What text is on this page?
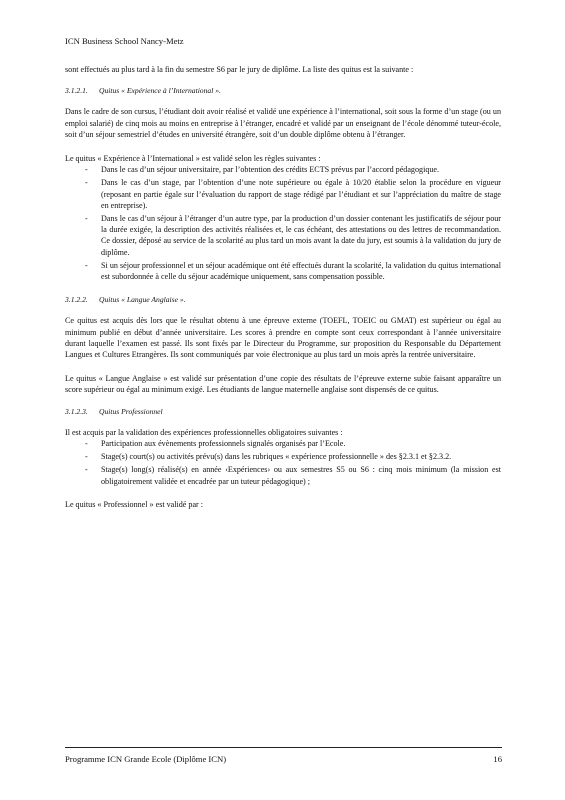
ICN Business School Nancy-Metz

sont effectués au plus tard à la fin du semestre S6 par le jury de diplôme. La liste des quitus est la suivante :

3.1.2.1. Quitus « Expérience à l’International ».

Dans le cadre de son cursus, l’étudiant doit avoir réalisé et validé une expérience à l’international, soit sous la forme d’un stage (ou un emploi salarié) de cinq mois au moins en entreprise à l’étranger, encadré et validé par un enseignant de l’école dénommé tuteur-école, soit d’un séjour semestriel d’études en université étrangère, soit d’un double diplôme obtenu à l’étranger.

Le quitus « Expérience à l’International » est validé selon les règles suivantes :

- Dans le cas d’un séjour universitaire, par l’obtention des crédits ECTS prévus par l’accord pédagogique.
- Dans le cas d’un stage, par l’obtention d’une note supérieure ou égale à 10/20 établie selon la procédure en vigueur (reposant en partie égale sur l’évaluation du rapport de stage rédigé par l’étudiant et sur l’appréciation du maître de stage en entreprise).
- Dans le cas d’un séjour à l’étranger d’un autre type, par la production d’un dossier contenant les justificatifs de séjour pour la durée exigée, la description des activités réalisées et, le cas échéant, des attestations ou des lettres de recommandation. Ce dossier, déposé au service de la scolarité au plus tard un mois avant la date du jury, est soumis à la validation du jury de diplôme.
- Si un séjour professionnel et un séjour académique ont été effectués durant la scolarité, la validation du quitus international est subordonnée à celle du séjour académique uniquement, sans compensation possible.
3.1.2.2. Quitus « Langue Anglaise ».

Ce quitus est acquis dès lors que le résultat obtenu à une épreuve externe (TOEFL, TOEIC ou GMAT) est supérieur ou égal au minimum publié en début d’année universitaire. Les scores à prendre en compte sont ceux correspondant à l’année universitaire durant laquelle l’examen est passé. Ils sont fixés par le Directeur du Programme, sur proposition du Responsable du Département Langues et Cultures Etrangères. Ils sont communiqués par voie électronique au plus tard un mois après la rentrée universitaire.

Le quitus « Langue Anglaise » est validé sur présentation d’une copie des résultats de l’épreuve externe subie faisant apparaître un score supérieur ou égal au minimum exigé. Les étudiants de langue maternelle anglaise sont dispensés de ce quitus.

3.1.2.3. Quitus Professionnel

Il est acquis par la validation des expériences professionnelles obligatoires suivantes :

- Participation aux évènements professionnels signalés organisés par l’Ecole.
- Stage(s) court(s) ou activités prévu(s) dans les rubriques « expérience professionnelle » des §2.3.1 et §2.3.2.
- Stage(s) long(s) réalisé(s) en année ‹Expériences› ou aux semestres S5 ou S6 : cinq mois minimum (la mission est obligatoirement validée et encadrée par un tuteur pédagogique) ;

Le quitus « Professionnel » est validé par :

Programme ICN Grande Ecole (Diplôme ICN)	16
